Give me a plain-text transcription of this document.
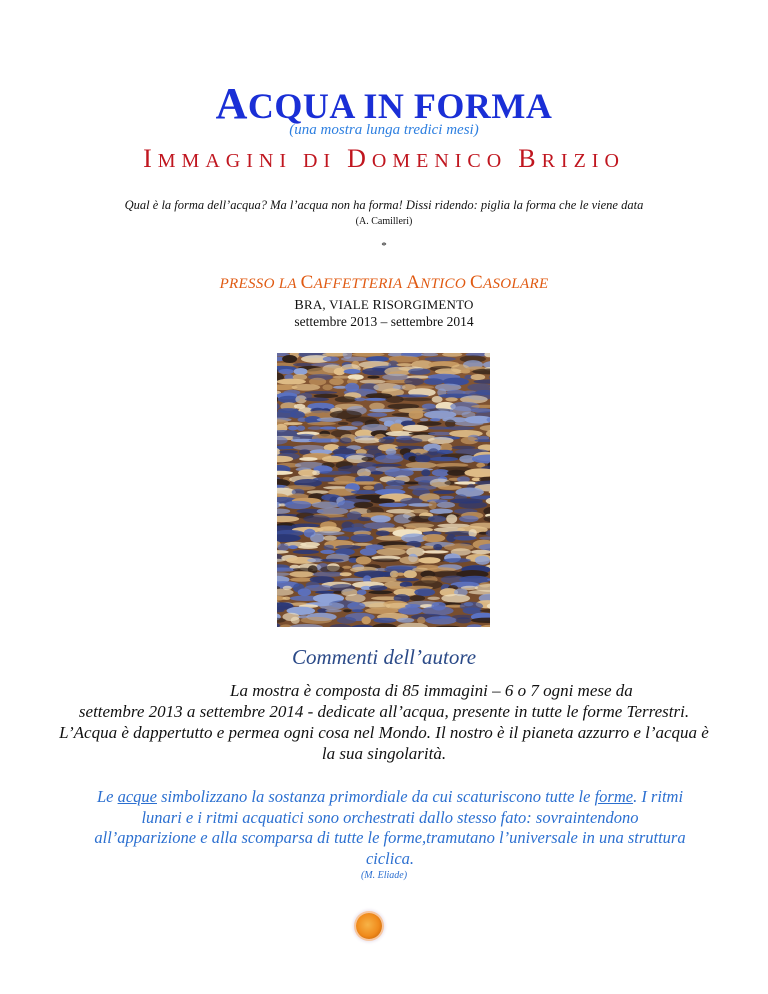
ACQUA IN FORMA
(una mostra lunga tredici mesi)
IMMAGINI DI DOMENICO BRIZIO
Qual è la forma dell’acqua? Ma l’acqua non ha forma! Dissi ridendo: piglia la forma che le viene data
(A. Camilleri)
*
PRESSO LA CAFFETTERIA ANTICO CASOLARE
BRA, VIALE RISORGIMENTO
settembre 2013 – settembre 2014
Commenti dell’autore
La mostra è composta di 85 immagini – 6 o 7 ogni mese da
settembre 2013 a settembre 2014 - dedicate all’acqua, presente in tutte le forme Terrestri. L’Acqua è dappertutto e permea ogni cosa nel Mondo. Il nostro è il pianeta azzurro e l’acqua è la sua singolarità.
Le acque simbolizzano la sostanza primordiale da cui scaturiscono tutte le forme. I ritmi lunari e i ritmi acquatici sono orchestrati dallo stesso fato: sovraintendono all’apparizione e alla scomparsa di tutte le forme,tramutano l’universale in una struttura ciclica.
(M. Eliade)
